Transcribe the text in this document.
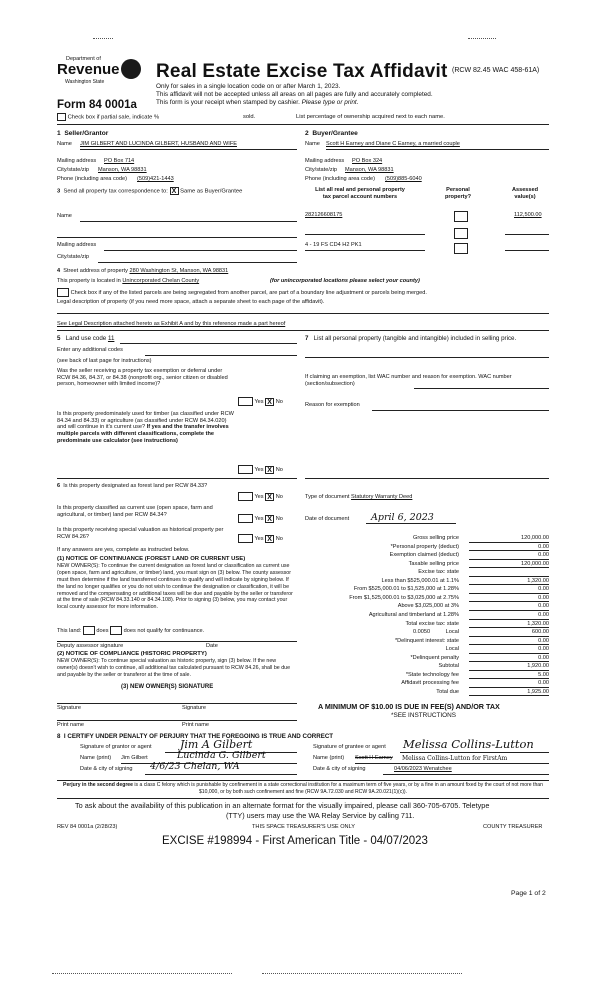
Department of
Revenue
Washington State	Real Estate Excise Tax Affidavit (RCW 82.45 WAC 458-61A)
Only for sales in a single location code on or after March 1, 2023.
This affidavit will not be accepted unless all areas on all pages are fully and accurately completed.
This form is your receipt when stamped by cashier. Please type or print.
Form 84 0001a
Check box if partial sale, indicate %	sold.	List percentage of ownership acquired next to each name.
1 Seller/Grantor
Name JIM GILBERT AND LUCINDA GILBERT, HUSBAND AND WIFE
Mailing address PO Box 714
City/state/zip Manson, WA 98831
Phone (including area code) (509)421-1443
2 Buyer/Grantee
Name Scott H Earney and Diane C Earney, a married couple
Mailing address PO Box 324
City/state/zip Manson, WA 98831
Phone (including area code) (509)885-6040
3 Send all property tax correspondence to: X Same as Buyer/Grantee
Name
Mailing address
City/state/zip
List all real and personal property
tax parcel account numbers
Personal
property?
Assessed
value(s)
282126608175	112,500.00
4 - 19 FS CD4 H2 PK1
4 Street address of property 280 Washington St, Manson, WA 98831
This property is located in Unincorporated Chelan County	(for unincorporated locations please select your county)
Check box if any of the listed parcels are being segregated from another parcel, are part of a boundary line adjustment or parcels being merged.
Legal description of property (if you need more space, attach a separate sheet to each page of the affidavit).
See Legal Description attached hereto as Exhibit A and by this reference made a part hereof
5 Land use code 11
Enter any additional codes
(see back of last page for instructions)
Was the seller receiving a property tax exemption or deferral under RCW 84.36, 84.37, or 84.38 (nonprofit org., senior citizen or disabled person, homeowner with limited income)?
Yes X No
Is this property predominately used for timber (as classified under RCW 84.34 and 84.33) or agriculture (as classified under RCW 84.34.020) and will continue in it's current use? If yes and the transfer involves multiple parcels with different classifications, complete the predominate use calculator (see instructions)
Yes X No
7 List all personal property (tangible and intangible) included in selling price.
If claiming an exemption, list WAC number and reason for exemption. WAC number (section/subsection)
Reason for exemption
6 Is this property designated as forest land per RCW 84.33?
Yes X No
Is this property classified as current use (open space, farm and agricultural, or timber) land per RCW 84.34?
Yes X No
Is this property receiving special valuation as historical property per RCW 84.26?	Yes X No
If any answers are yes, complete as instructed below.
(1) NOTICE OF CONTINUANCE (FOREST LAND OR CURRENT USE)
NEW OWNER(S): To continue the current designation as forest land or classification as current use (open space, farm and agriculture, or timber) land, you must sign on (3) below. The county assessor must then determine if the land transferred continues to qualify and will indicate by signing below. If the land no longer qualifies or you do not wish to continue the designation or classification, it will be removed and the compensating or additional taxes will be due and payable by the seller or transferor at the time of sale (RCW 84.33.140 or 84.34.108). Prior to signing (3) below, you may contact your local county assessor for more information.
This land:	does	does not qualify for continuance.
Deputy assessor signature	Date
(2) NOTICE OF COMPLIANCE (HISTORIC PROPERTY)
NEW OWNER(S): To continue special valuation as historic property, sign (3) below. If the new owner(s) doesn't wish to continue, all additional tax calculated pursuant to RCW 84.26, shall be due and payable by the seller or transferor at the time of sale.
(3) NEW OWNER(S) SIGNATURE
Signature	Signature
Print name	Print name
Type of document Statutory Warranty Deed
Date of document April 6, 2023
Gross selling price	120,000.00
*Personal property (deduct)	0.00
Exemption claimed (deduct)	0.00
Taxable selling price	120,000.00
Excise tax: state
Less than $525,000.01 at 1.1%	1,320.00
From $525,000.01 to $1,525,000 at 1.28%	0.00
From $1,525,000.01 to $3,025,000 at 2.75%	0.00
Above $3,025,000 at 3%	0.00
Agricultural and timberland at 1.28%	0.00
Total excise tax: state	1,320.00
0.0050	Local	600.00
*Delinquent interest: state	0.00
Local	0.00
*Delinquent penalty	0.00
Subtotal	1,920.00
*State technology fee	5.00
Affidavit processing fee	0.00
Total due	1,925.00
A MINIMUM OF $10.00 IS DUE IN FEE(S) AND/OR TAX
*SEE INSTRUCTIONS
8 I CERTIFY UNDER PENALTY OF PERJURY THAT THE FOREGOING IS TRUE AND CORRECT
Signature of grantor or agent	Jim A Gilbert
Name (print) Jim Gilbert	Lucinda G. Gilbert
Date & city of signing 4/6/23 Chelan, WA
Signature of grantee or agent Melissa Collins-Lutton
Name (print) Scott H Earney Melissa Collins-Lutton for FirstAm
Date & city of signing	04/06/2023 Wenatchee
Perjury in the second degree is a class C felony which is punishable by confinement in a state correctional institution for a maximum term of five years, or by a fine in an amount fixed by the court of not more than $10,000, or by both such confinement and fine (RCW 9A.72.030 and RCW 9A.20.021(1)(c)).
To ask about the availability of this publication in an alternate format for the visually impaired, please call 360-705-6705. Teletype
(TTY) users may use the WA Relay Service by calling 711.
REV 84 0001a (2/28/23)	THIS SPACE TREASURER'S USE ONLY	COUNTY TREASURER
EXCISE #198994 - First American Title - 04/07/2023
Page 1 of 2
